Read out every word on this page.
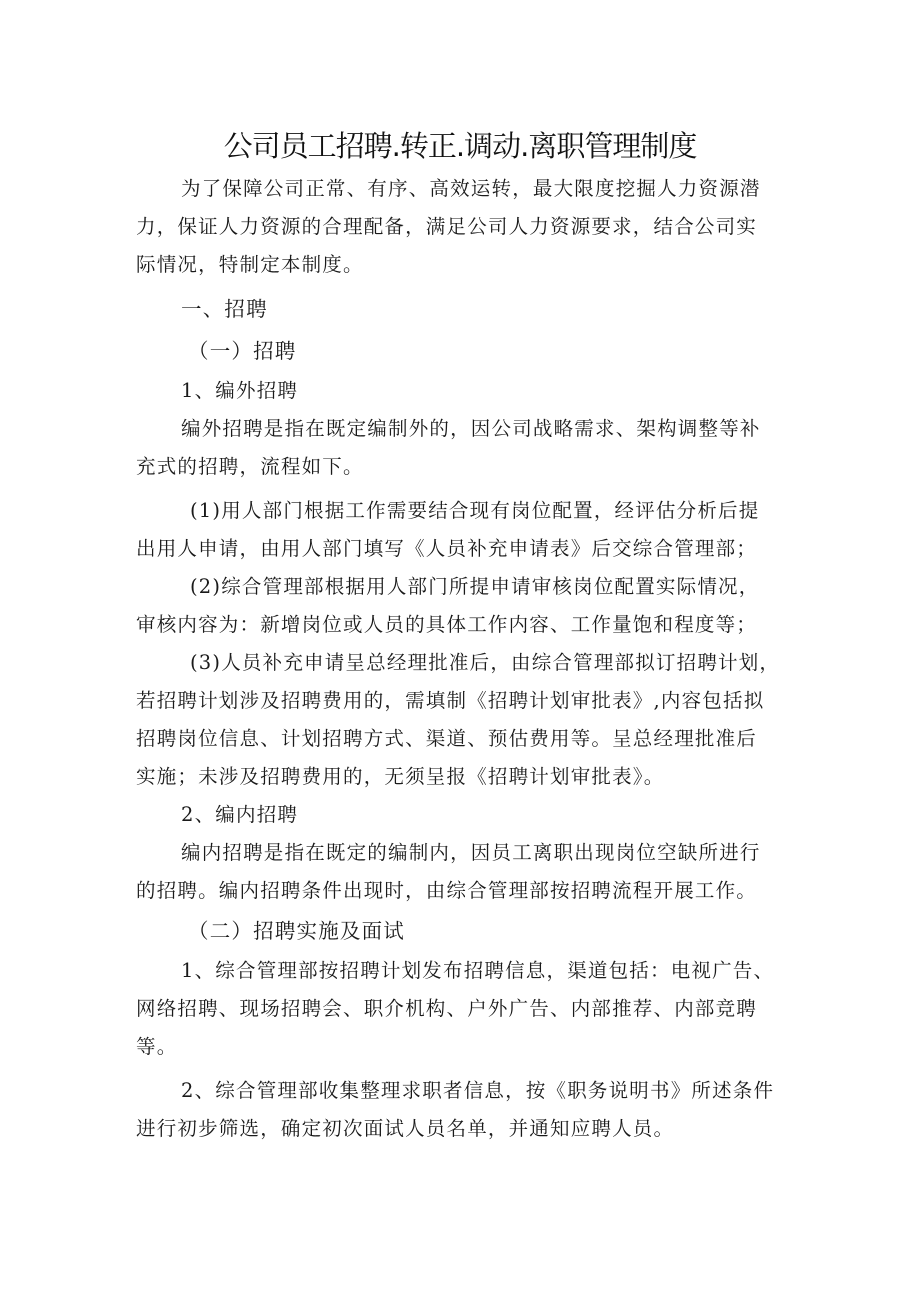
公司员工招聘.转正.调动.离职管理制度

为了保障公司正常、有序、高效运转，最大限度挖掘人力资源潜
力，保证人力资源的合理配备，满足公司人力资源要求，结合公司实
际情况，特制定本制度。

一、招聘

（一）招聘

1、编外招聘

编外招聘是指在既定编制外的，因公司战略需求、架构调整等补
充式的招聘，流程如下。

(1)用人部门根据工作需要结合现有岗位配置，经评估分析后提
出用人申请，由用人部门填写《人员补充申请表》后交综合管理部；

(2)综合管理部根据用人部门所提申请审核岗位配置实际情况，
审核内容为：新增岗位或人员的具体工作内容、工作量饱和程度等；

(3)人员补充申请呈总经理批准后，由综合管理部拟订招聘计划，
若招聘计划涉及招聘费用的，需填制《招聘计划审批表》,内容包括拟
招聘岗位信息、计划招聘方式、渠道、预估费用等。呈总经理批准后
实施；未涉及招聘费用的，无须呈报《招聘计划审批表》。

2、编内招聘

编内招聘是指在既定的编制内，因员工离职出现岗位空缺所进行
的招聘。编内招聘条件出现时，由综合管理部按招聘流程开展工作。

（二）招聘实施及面试

1、综合管理部按招聘计划发布招聘信息，渠道包括：电视广告、
网络招聘、现场招聘会、职介机构、户外广告、内部推荐、内部竞聘
等。

2、综合管理部收集整理求职者信息，按《职务说明书》所述条件
进行初步筛选，确定初次面试人员名单，并通知应聘人员。
